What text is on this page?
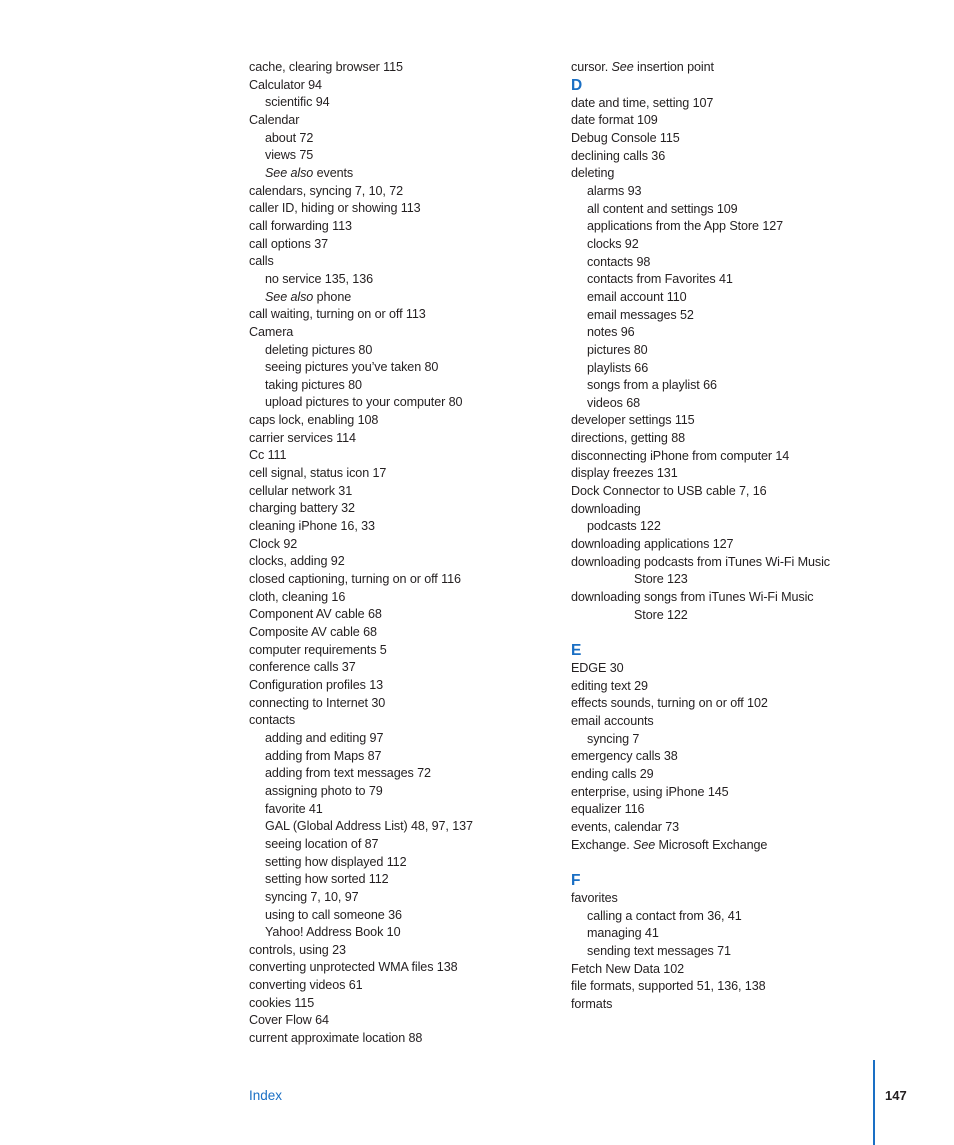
cache, clearing browser 115
Calculator 94
scientific 94
Calendar
about 72
views 75
See also events
calendars, syncing 7, 10, 72
caller ID, hiding or showing 113
call forwarding 113
call options 37
calls
no service 135, 136
See also phone
call waiting, turning on or off 113
Camera
deleting pictures 80
seeing pictures you’ve taken 80
taking pictures 80
upload pictures to your computer 80
caps lock, enabling 108
carrier services 114
Cc 111
cell signal, status icon 17
cellular network 31
charging battery 32
cleaning iPhone 16, 33
Clock 92
clocks, adding 92
closed captioning, turning on or off 116
cloth, cleaning 16
Component AV cable 68
Composite AV cable 68
computer requirements 5
conference calls 37
Configuration profiles 13
connecting to Internet 30
contacts
adding and editing 97
adding from Maps 87
adding from text messages 72
assigning photo to 79
favorite 41
GAL (Global Address List) 48, 97, 137
seeing location of 87
setting how displayed 112
setting how sorted 112
syncing 7, 10, 97
using to call someone 36
Yahoo! Address Book 10
controls, using 23
converting unprotected WMA files 138
converting videos 61
cookies 115
Cover Flow 64
current approximate location 88
cursor. See insertion point
D
date and time, setting 107
date format 109
Debug Console 115
declining calls 36
deleting
alarms 93
all content and settings 109
applications from the App Store 127
clocks 92
contacts 98
contacts from Favorites 41
email account 110
email messages 52
notes 96
pictures 80
playlists 66
songs from a playlist 66
videos 68
developer settings 115
directions, getting 88
disconnecting iPhone from computer 14
display freezes 131
Dock Connector to USB cable 7, 16
downloading
podcasts 122
downloading applications 127
downloading podcasts from iTunes Wi-Fi Music
Store 123
downloading songs from iTunes Wi-Fi Music
Store 122
E
EDGE 30
editing text 29
effects sounds, turning on or off 102
email accounts
syncing 7
emergency calls 38
ending calls 29
enterprise, using iPhone 145
equalizer 116
events, calendar 73
Exchange. See Microsoft Exchange
F
favorites
calling a contact from 36, 41
managing 41
sending text messages 71
Fetch New Data 102
file formats, supported 51, 136, 138
formats
Index	147
